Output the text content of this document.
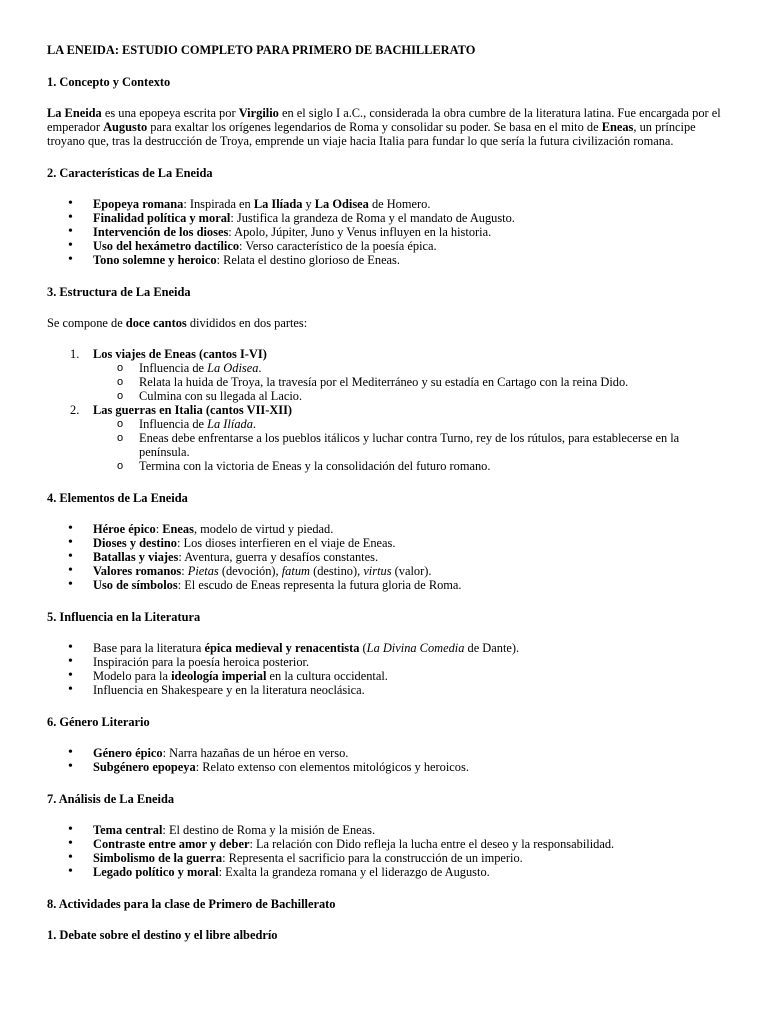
LA ENEIDA: ESTUDIO COMPLETO PARA PRIMERO DE BACHILLERATO
1. Concepto y Contexto

La Eneida es una epopeya escrita por Virgilio en el siglo I a.C., considerada la obra cumbre de la literatura latina. Fue encargada por el emperador Augusto para exaltar los orígenes legendarios de Roma y consolidar su poder. Se basa en el mito de Eneas, un príncipe troyano que, tras la destrucción de Troya, emprende un viaje hacia Italia para fundar lo que sería la futura civilización romana.

2. Características de La Eneida
• Epopeya romana: Inspirada en La Ilíada y La Odisea de Homero.
• Finalidad política y moral: Justifica la grandeza de Roma y el mandato de Augusto.
• Intervención de los dioses: Apolo, Júpiter, Juno y Venus influyen en la historia.
• Uso del hexámetro dactílico: Verso característico de la poesía épica.
• Tono solemne y heroico: Relata el destino glorioso de Eneas.
3. Estructura de La Eneida

Se compone de doce cantos divididos en dos partes:

1. Los viajes de Eneas (cantos I-VI)
o Influencia de La Odisea.
o Relata la huida de Troya, la travesía por el Mediterráneo y su estadía en Cartago con la reina Dido.
o Culmina con su llegada al Lacio.
2. Las guerras en Italia (cantos VII-XII)
o Influencia de La Ilíada.
o Eneas debe enfrentarse a los pueblos itálicos y luchar contra Turno, rey de los rútulos, para establecerse en la península.
o Termina con la victoria de Eneas y la consolidación del futuro romano.
4. Elementos de La Eneida
• Héroe épico: Eneas, modelo de virtud y piedad.
• Dioses y destino: Los dioses interfieren en el viaje de Eneas.
• Batallas y viajes: Aventura, guerra y desafíos constantes.
• Valores romanos: Pietas (devoción), fatum (destino), virtus (valor).
• Uso de símbolos: El escudo de Eneas representa la futura gloria de Roma.
5. Influencia en la Literatura
• Base para la literatura épica medieval y renacentista (La Divina Comedia de Dante).
• Inspiración para la poesía heroica posterior.
• Modelo para la ideología imperial en la cultura occidental.
• Influencia en Shakespeare y en la literatura neoclásica.
6. Género Literario
• Género épico: Narra hazañas de un héroe en verso.
• Subgénero epopeya: Relato extenso con elementos mitológicos y heroicos.
7. Análisis de La Eneida
• Tema central: El destino de Roma y la misión de Eneas.
• Contraste entre amor y deber: La relación con Dido refleja la lucha entre el deseo y la responsabilidad.
• Simbolismo de la guerra: Representa el sacrificio para la construcción de un imperio.
• Legado político y moral: Exalta la grandeza romana y el liderazgo de Augusto.
8. Actividades para la clase de Primero de Bachillerato
1. Debate sobre el destino y el libre albedrío
